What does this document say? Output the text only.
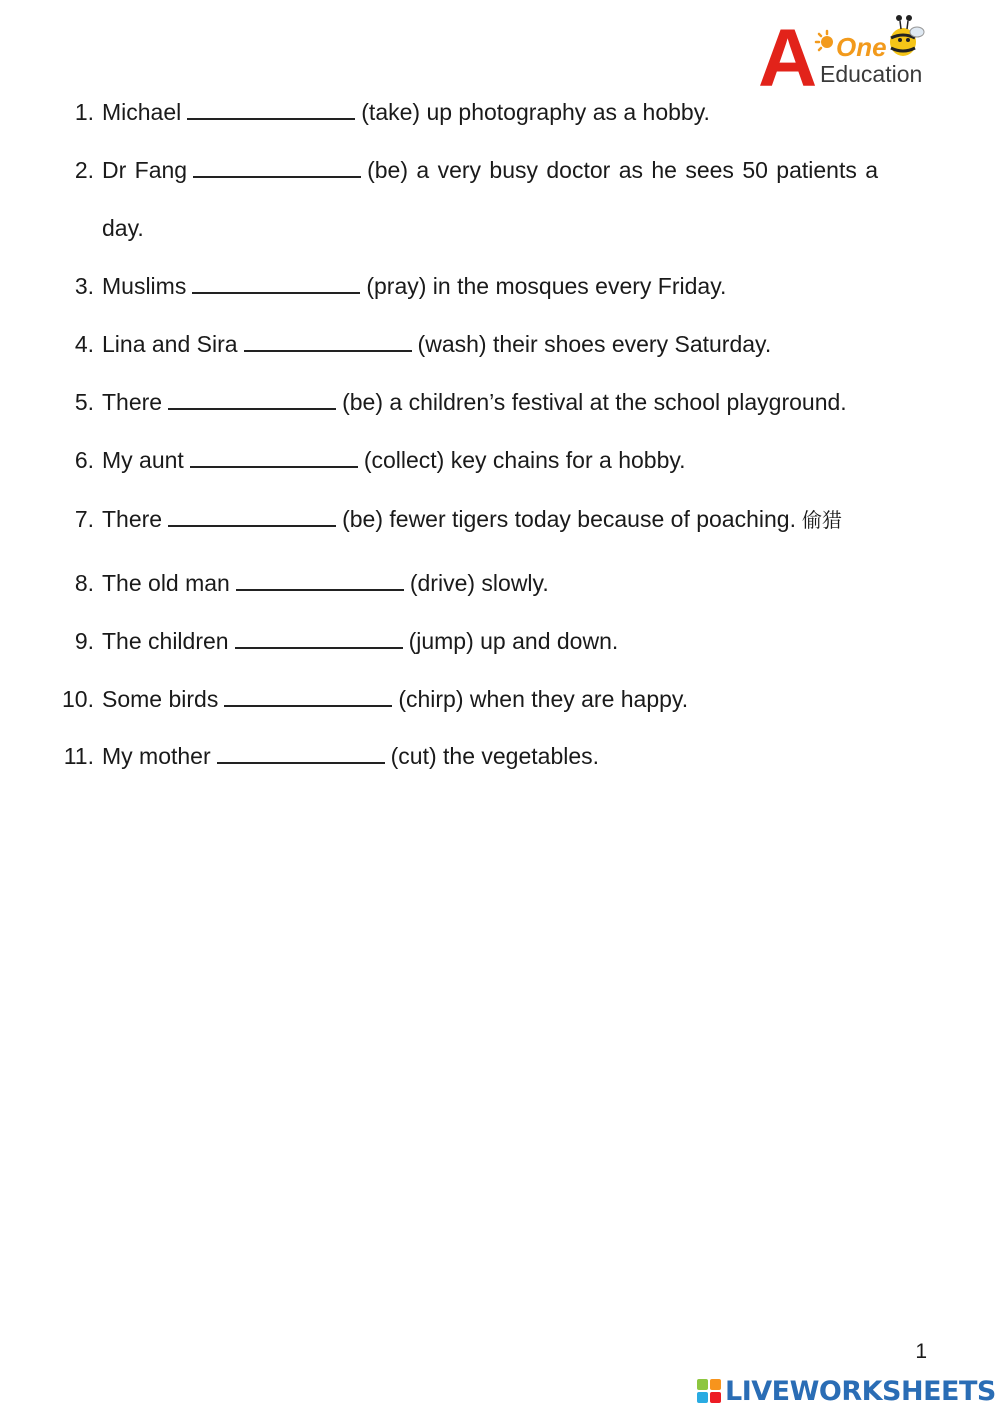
A One
Education
1. Michael	(take) up photography as a hobby.
2. Dr Fang	(be) a very busy doctor as he sees 50 patients a
day.
3. Muslims	(pray) in the mosques every Friday.
4. Lina and Sira	(wash) their shoes every Saturday.
5. There	(be) a children’s festival at the school playground.
6. My aunt	(collect) key chains for a hobby.
7. There	(be) fewer tigers today because of poaching. 偷猎
8. The old man	(drive) slowly.
9. The children	(jump) up and down.
10. Some birds	(chirp) when they are happy.
11. My mother	(cut) the vegetables.
1
LIVEWORKSHEETS
